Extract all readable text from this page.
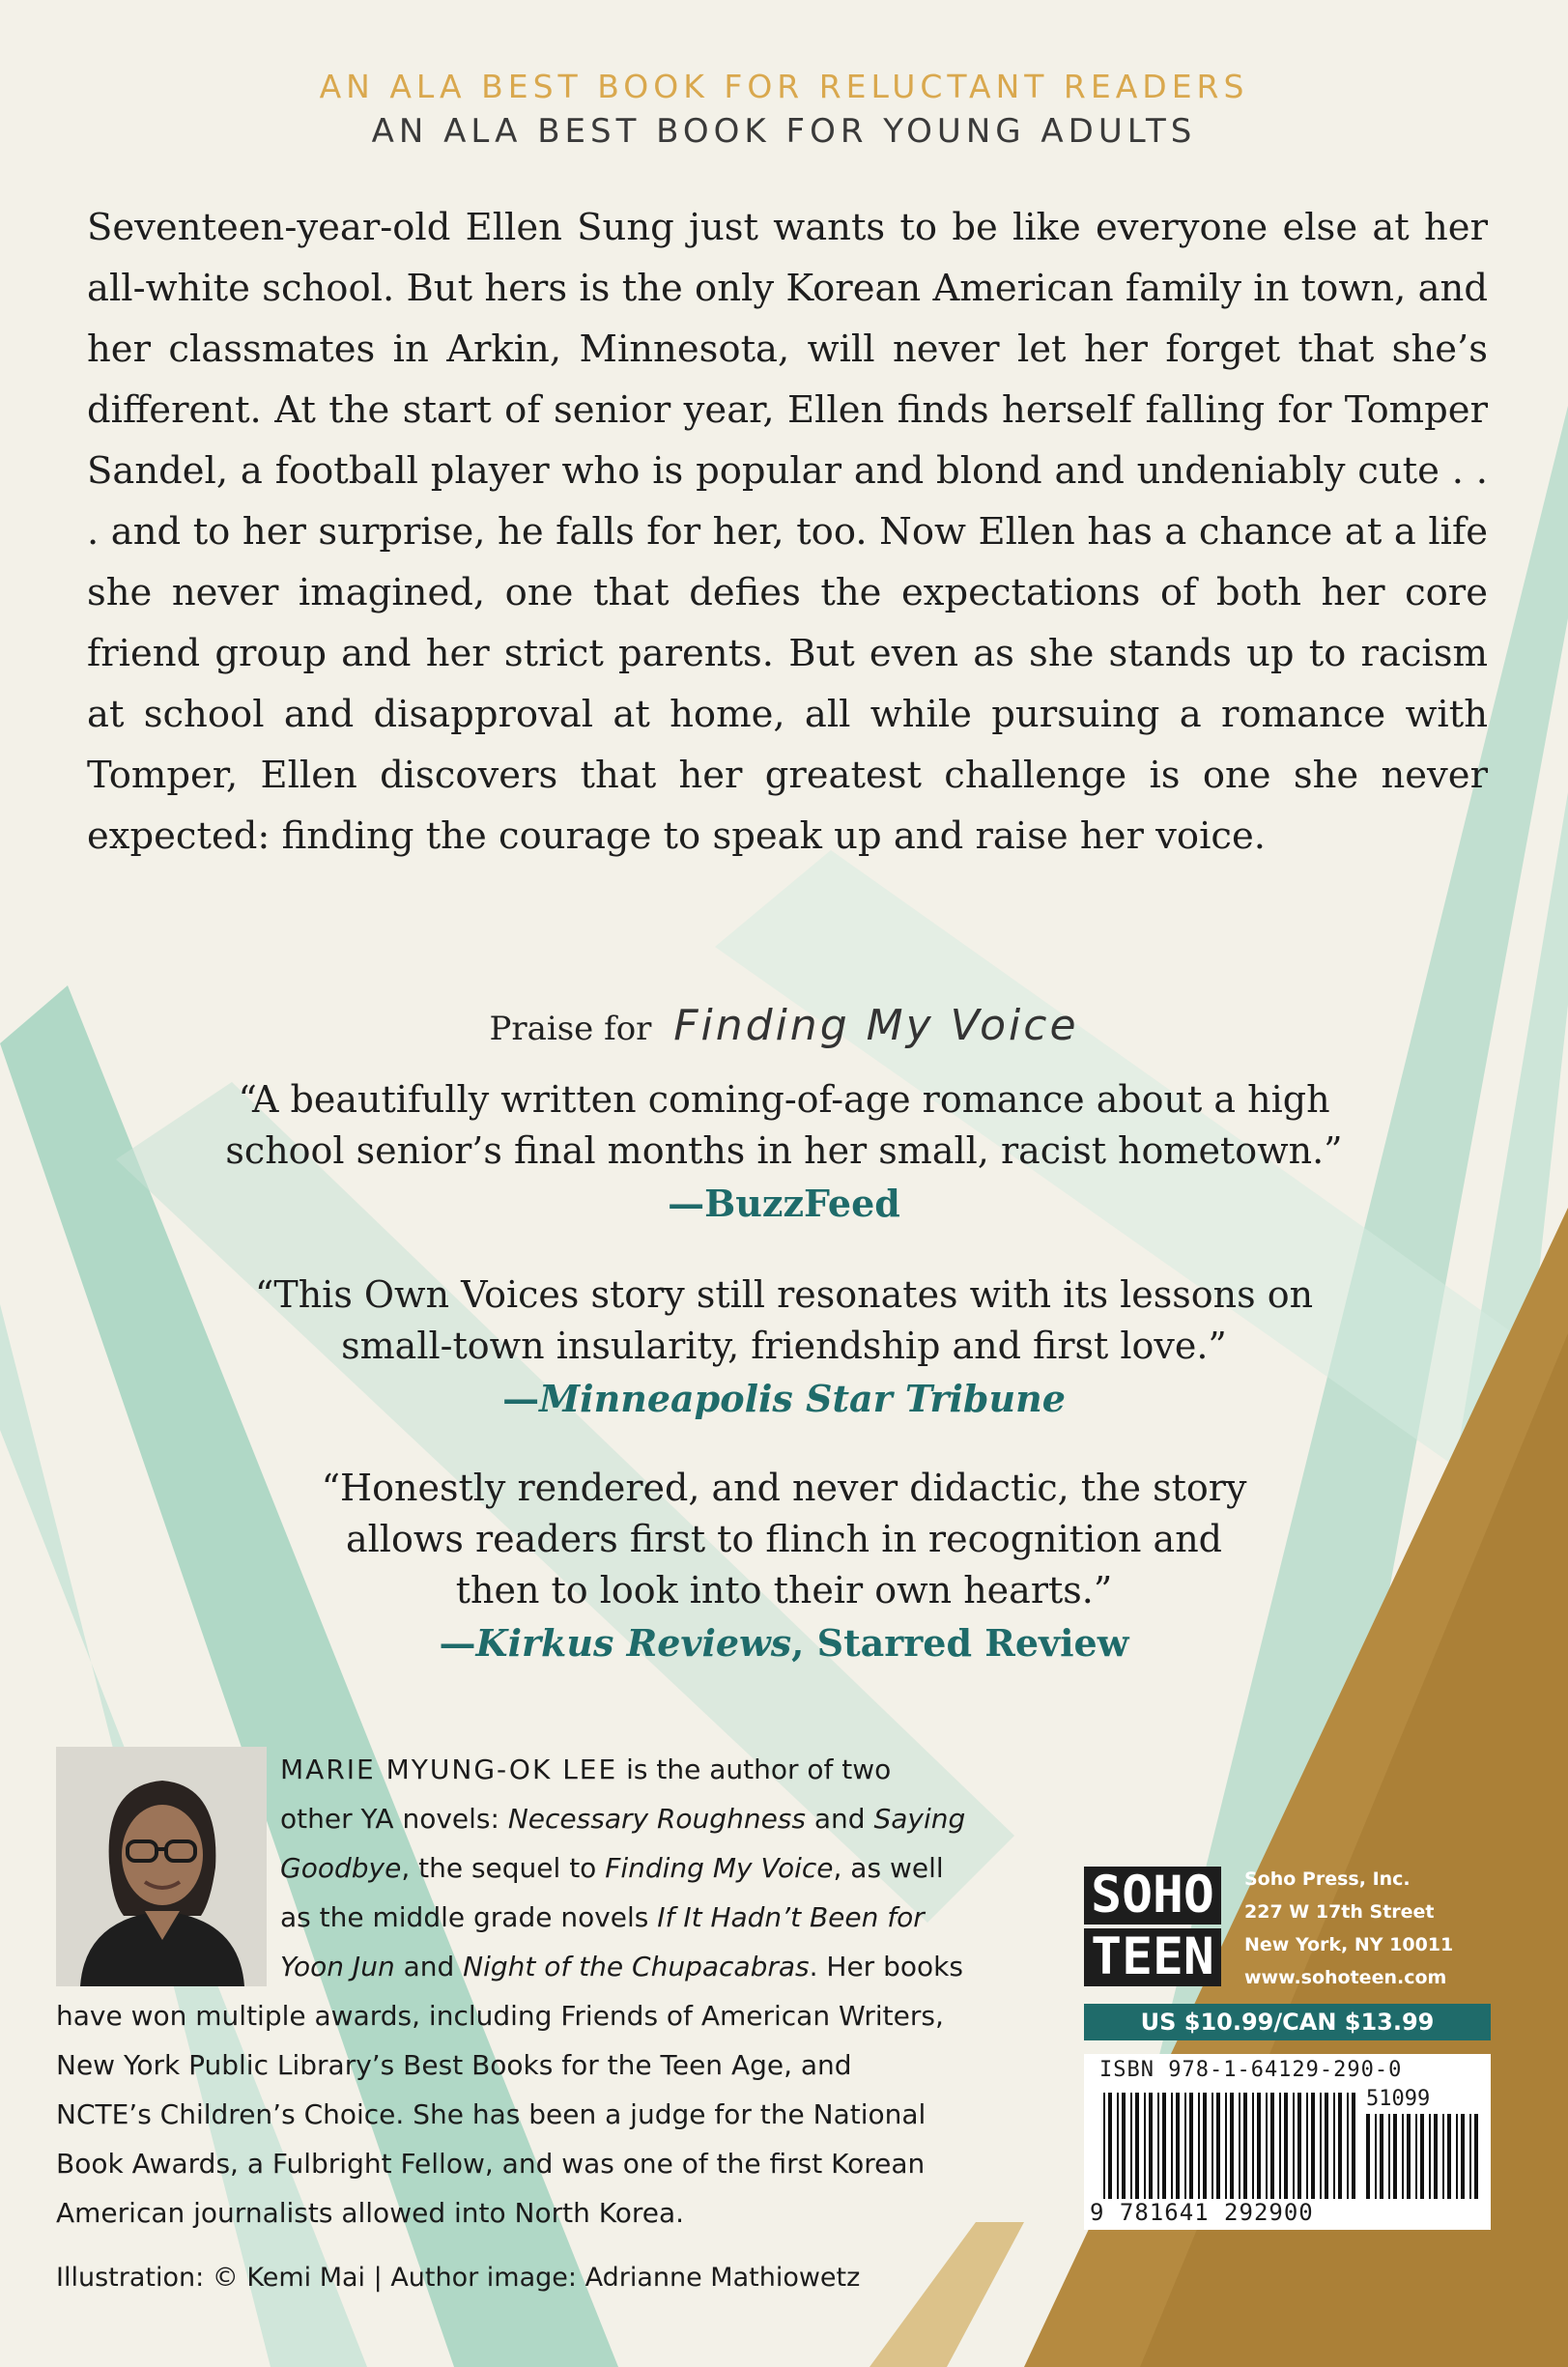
AN ALA BEST BOOK FOR RELUCTANT READERS
AN ALA BEST BOOK FOR YOUNG ADULTS
Seventeen-year-old Ellen Sung just wants to be like everyone else at her all-white school. But hers is the only Korean American family in town, and her classmates in Arkin, Minnesota, will never let her forget that she’s different. At the start of senior year, Ellen finds herself falling for Tomper Sandel, a football player who is popular and blond and undeniably cute . . . and to her surprise, he falls for her, too. Now Ellen has a chance at a life she never imagined, one that defies the expectations of both her core friend group and her strict parents. But even as she stands up to racism at school and disapproval at home, all while pursuing a romance with Tomper, Ellen discovers that her greatest challenge is one she never expected: finding the courage to speak up and raise her voice.
Praise for Finding My Voice
“A beautifully written coming-of-age romance about a high
school senior’s final months in her small, racist hometown.”
—BuzzFeed
“This Own Voices story still resonates with its lessons on
small-town insularity, friendship and first love.”
—Minneapolis Star Tribune
“Honestly rendered, and never didactic, the story
allows readers first to flinch in recognition and
then to look into their own hearts.”
—Kirkus Reviews, Starred Review
MARIE MYUNG-OK LEE is the author of two
other YA novels: Necessary Roughness and Saying
Goodbye, the sequel to Finding My Voice, as well
as the middle grade novels If It Hadn’t Been for
Yoon Jun and Night of the Chupacabras. Her books
have won multiple awards, including Friends of American Writers,
New York Public Library’s Best Books for the Teen Age, and
NCTE’s Children’s Choice. She has been a judge for the National
Book Awards, a Fulbright Fellow, and was one of the first Korean
American journalists allowed into North Korea.
Illustration: © Kemi Mai | Author image: Adrianne Mathiowetz
SOHO
TEEN
Soho Press, Inc.
227 W 17th Street
New York, NY 10011
www.sohoteen.com
US $10.99/CAN $13.99
ISBN 978-1-64129-290-0
51099
9 781641 292900
